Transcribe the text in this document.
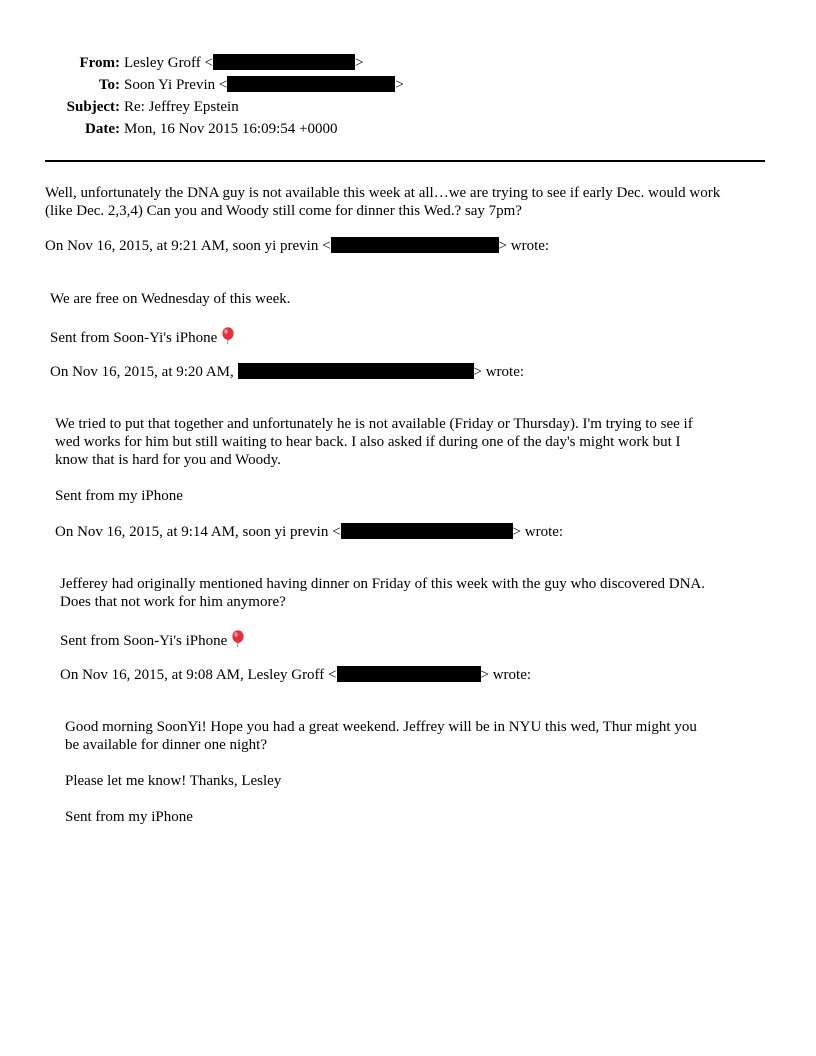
From: Lesley Groff <	>
To: Soon Yi Previn <	>
Subject: Re: Jeffrey Epstein
Date: Mon, 16 Nov 2015 16:09:54 +0000

Well, unfortunately the DNA guy is not available this week at all…we are trying to see if early Dec. would work

(like Dec. 2,3,4) Can you and Woody still come for dinner this Wed.? say 7pm?

On Nov 16, 2015, at 9:21 AM, soon yi previn <	> wrote:

We are free on Wednesday of this week.

Sent from Soon-Yi's iPhone

On Nov 16, 2015, at 9:20 AM,	> wrote:

We tried to put that together and unfortunately he is not available (Friday or Thursday). I'm trying to see if

wed works for him but still waiting to hear back. I also asked if during one of the day's might work but I

know that is hard for you and Woody.

Sent from my iPhone

On Nov 16, 2015, at 9:14 AM, soon yi previn <	> wrote:

Jefferey had originally mentioned having dinner on Friday of this week with the guy who discovered DNA.

Does that not work for him anymore?

Sent from Soon-Yi's iPhone

On Nov 16, 2015, at 9:08 AM, Lesley Groff <	> wrote:

Good morning SoonYi! Hope you had a great weekend. Jeffrey will be in NYU this wed, Thur might you

be available for dinner one night?

Please let me know! Thanks, Lesley

Sent from my iPhone
